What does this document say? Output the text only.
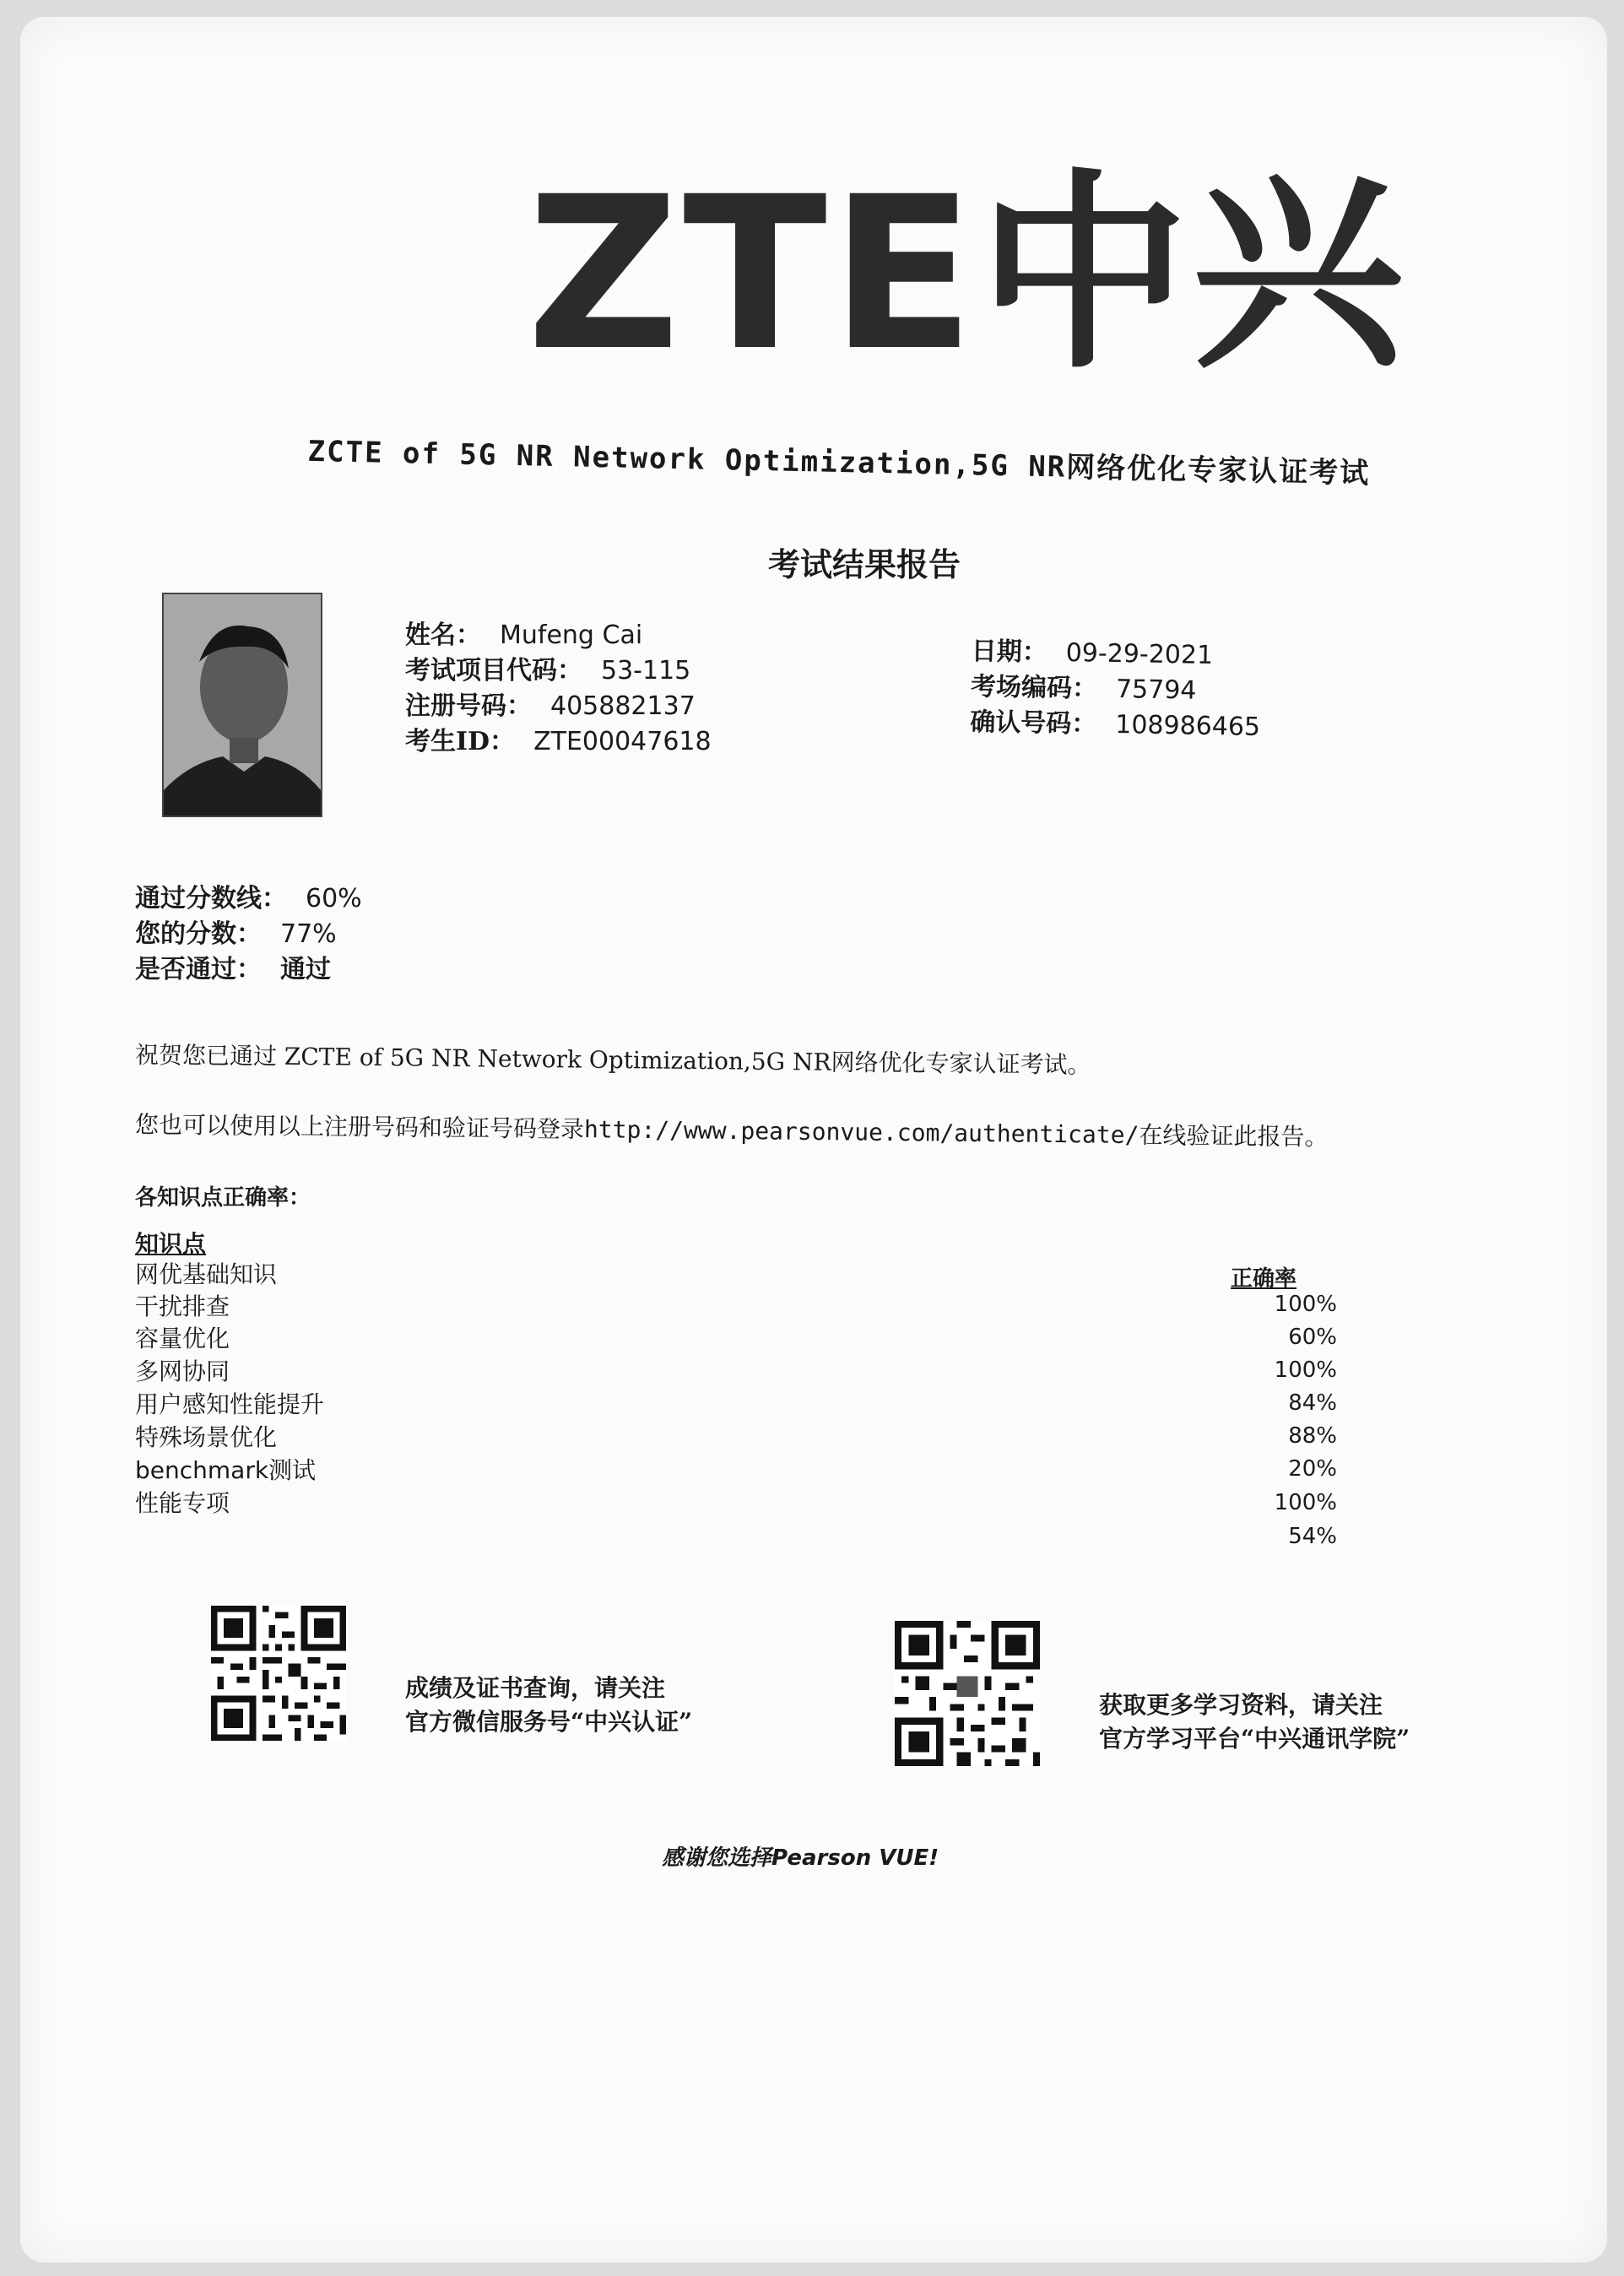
ZTE中兴
ZCTE of 5G NR Network Optimization,5G NR网络优化专家认证考试
考试结果报告
姓名： Mufeng Cai
考试项目代码： 53-115
注册号码： 405882137
考生ID： ZTE00047618
日期： 09-29-2021
考场编码： 75794
确认号码： 108986465
通过分数线： 60%
您的分数： 77%
是否通过： 通过
祝贺您已通过 ZCTE of 5G NR Network Optimization,5G NR网络优化专家认证考试。
您也可以使用以上注册号码和验证号码登录http://www.pearsonvue.com/authenticate/在线验证此报告。
各知识点正确率：
知识点
正确率
网优基础知识
干扰排查
容量优化
多网协同
用户感知性能提升
特殊场景优化
benchmark测试
性能专项
100%
60%
100%
84%
88%
20%
100%
54%
成绩及证书查询，请关注
官方微信服务号“中兴认证”
获取更多学习资料，请关注
官方学习平台“中兴通讯学院”
感谢您选择Pearson VUE!
